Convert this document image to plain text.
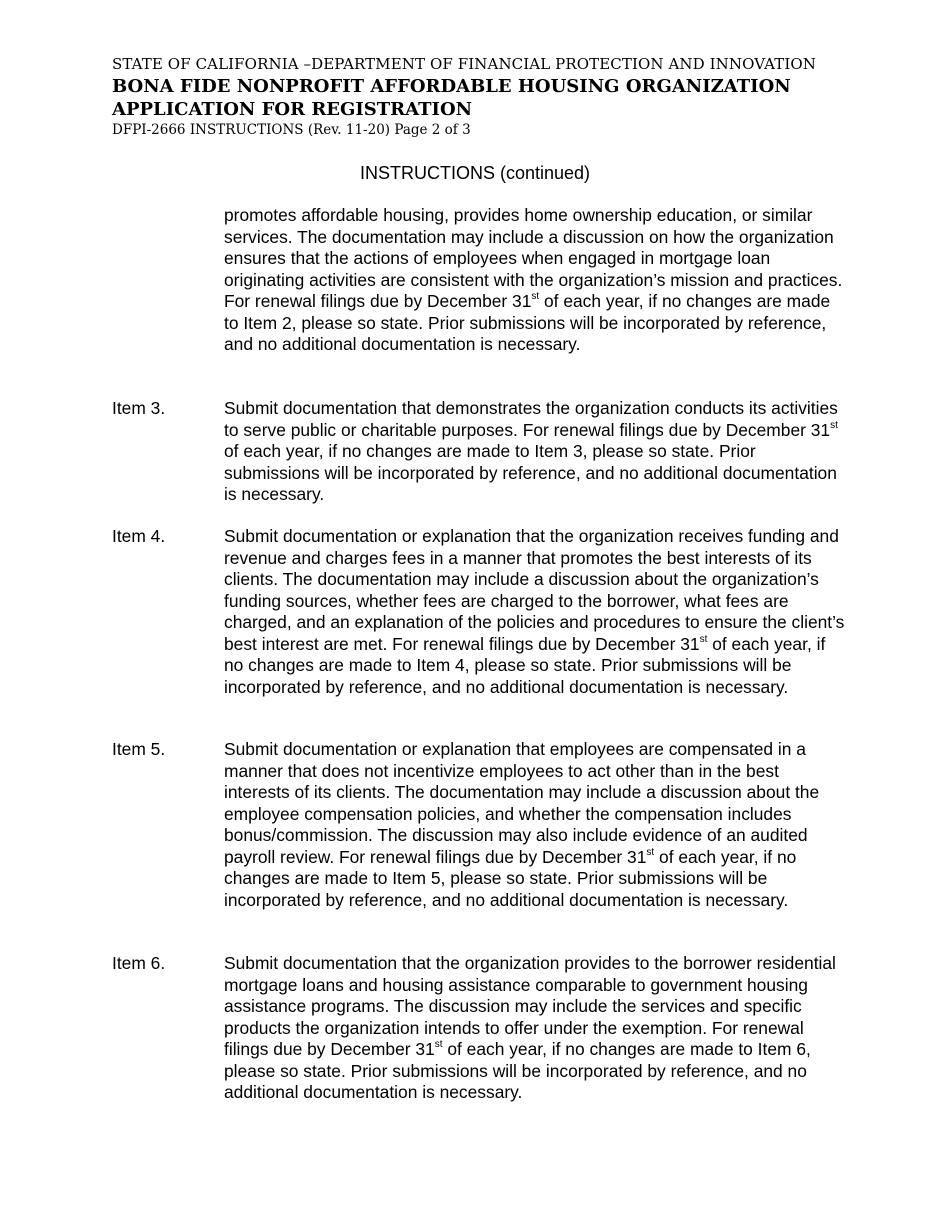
STATE OF CALIFORNIA –DEPARTMENT OF FINANCIAL PROTECTION AND INNOVATION
BONA FIDE NONPROFIT AFFORDABLE HOUSING ORGANIZATION APPLICATION FOR REGISTRATION
DFPI-2666 INSTRUCTIONS (Rev. 11-20) Page 2 of 3
INSTRUCTIONS (continued)
promotes affordable housing, provides home ownership education, or similar services. The documentation may include a discussion on how the organization ensures that the actions of employees when engaged in mortgage loan originating activities are consistent with the organization’s mission and practices. For renewal filings due by December 31st of each year, if no changes are made to Item 2, please so state. Prior submissions will be incorporated by reference, and no additional documentation is necessary.
Item 3.	Submit documentation that demonstrates the organization conducts its activities to serve public or charitable purposes. For renewal filings due by December 31st of each year, if no changes are made to Item 3, please so state. Prior submissions will be incorporated by reference, and no additional documentation is necessary.
Item 4.	Submit documentation or explanation that the organization receives funding and revenue and charges fees in a manner that promotes the best interests of its clients. The documentation may include a discussion about the organization’s funding sources, whether fees are charged to the borrower, what fees are charged, and an explanation of the policies and procedures to ensure the client’s best interest are met. For renewal filings due by December 31st of each year, if no changes are made to Item 4, please so state. Prior submissions will be incorporated by reference, and no additional documentation is necessary.
Item 5.	Submit documentation or explanation that employees are compensated in a manner that does not incentivize employees to act other than in the best interests of its clients. The documentation may include a discussion about the employee compensation policies, and whether the compensation includes bonus/commission. The discussion may also include evidence of an audited payroll review. For renewal filings due by December 31st of each year, if no changes are made to Item 5, please so state. Prior submissions will be incorporated by reference, and no additional documentation is necessary.
Item 6.	Submit documentation that the organization provides to the borrower residential mortgage loans and housing assistance comparable to government housing assistance programs. The discussion may include the services and specific products the organization intends to offer under the exemption. For renewal filings due by December 31st of each year, if no changes are made to Item 6, please so state. Prior submissions will be incorporated by reference, and no additional documentation is necessary.
